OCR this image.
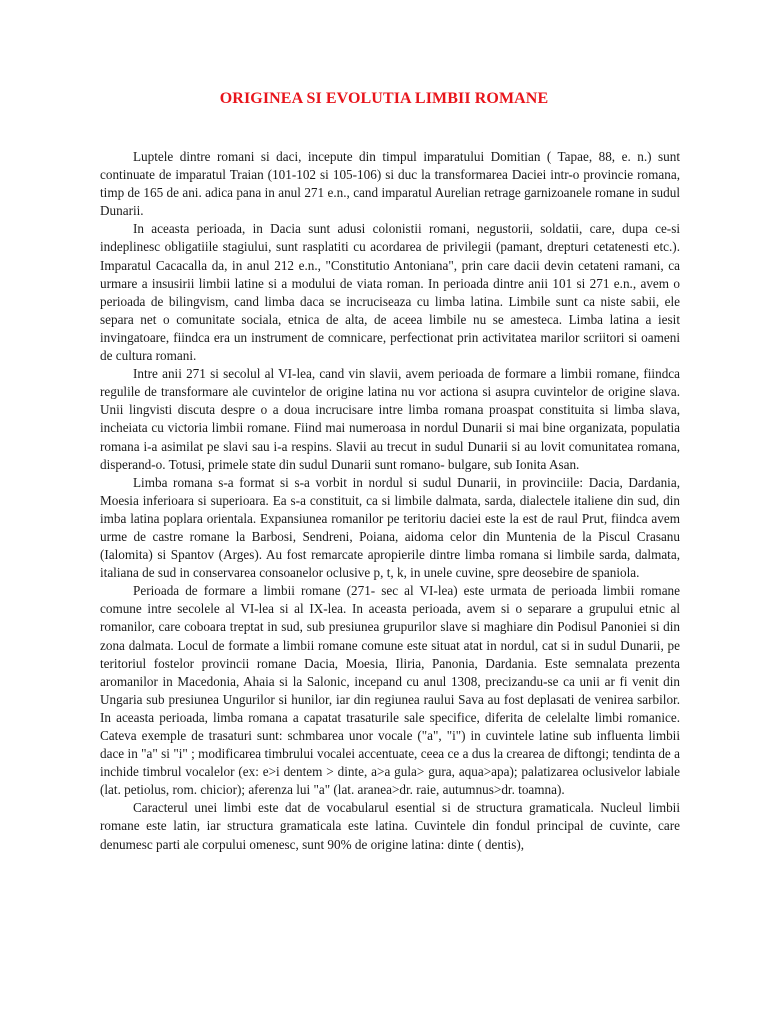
ORIGINEA SI EVOLUTIA LIMBII ROMANE

Luptele dintre romani si daci, incepute din timpul imparatului Domitian ( Tapae, 88, e. n.) sunt continuate de imparatul Traian (101-102 si 105-106) si duc la transformarea Daciei intr-o provincie romana, timp de 165 de ani. adica pana in anul 271 e.n., cand imparatul Aurelian retrage garnizoanele romane in sudul Dunarii.

In aceasta perioada, in Dacia sunt adusi colonistii romani, negustorii, soldatii, care, dupa ce-si indeplinesc obligatiile stagiului, sunt rasplatiti cu acordarea de privilegii (pamant, drepturi cetatenesti etc.). Imparatul Cacacalla da, in anul 212 e.n., "Constitutio Antoniana", prin care dacii devin cetateni ramani, ca urmare a insusirii limbii latine si a modului de viata roman. In perioada dintre anii 101 si 271 e.n., avem o perioada de bilingvism, cand limba daca se incruciseaza cu limba latina. Limbile sunt ca niste sabii, ele separa net o comunitate sociala, etnica de alta, de aceea limbile nu se amesteca. Limba latina a iesit invingatoare, fiindca era un instrument de comnicare, perfectionat prin activitatea marilor scriitori si oameni de cultura romani.

Intre anii 271 si secolul al VI-lea, cand vin slavii, avem perioada de formare a limbii romane, fiindca regulile de transformare ale cuvintelor de origine latina nu vor actiona si asupra cuvintelor de origine slava. Unii lingvisti discuta despre o a doua incrucisare intre limba romana proaspat constituita si limba slava, incheiata cu victoria limbii romane. Fiind mai numeroasa in nordul Dunarii si mai bine organizata, populatia romana i-a asimilat pe slavi sau i-a respins. Slavii au trecut in sudul Dunarii si au lovit comunitatea romana, disperand-o. Totusi, primele state din sudul Dunarii sunt romano- bulgare, sub Ionita Asan.

Limba romana s-a format si s-a vorbit in nordul si sudul Dunarii, in provinciile: Dacia, Dardania, Moesia inferioara si superioara. Ea s-a constituit, ca si limbile dalmata, sarda, dialectele italiene din sud, din imba latina poplara orientala. Expansiunea romanilor pe teritoriu daciei este la est de raul Prut, fiindca avem urme de castre romane la Barbosi, Sendreni, Poiana, aidoma celor din Muntenia de la Piscul Crasanu (Ialomita) si Spantov (Arges). Au fost remarcate apropierile dintre limba romana si limbile sarda, dalmata, italiana de sud in conservarea consoanelor oclusive p, t, k, in unele cuvine, spre deosebire de spaniola.

Perioada de formare a limbii romane (271- sec al VI-lea) este urmata de perioada limbii romane comune intre secolele al VI-lea si al IX-lea. In aceasta perioada, avem si o separare a grupului etnic al romanilor, care coboara treptat in sud, sub presiunea grupurilor slave si maghiare din Podisul Panoniei si din zona dalmata. Locul de formate a limbii romane comune este situat atat in nordul, cat si in sudul Dunarii, pe teritoriul fostelor provincii romane Dacia, Moesia, Iliria, Panonia, Dardania. Este semnalata prezenta aromanilor in Macedonia, Ahaia si la Salonic, incepand cu anul 1308, precizandu-se ca unii ar fi venit din Ungaria sub presiunea Ungurilor si hunilor, iar din regiunea raului Sava au fost deplasati de venirea sarbilor. In aceasta perioada, limba romana a capatat trasaturile sale specifice, diferita de celelalte limbi romanice. Cateva exemple de trasaturi sunt: schmbarea unor vocale ("a", "i") in cuvintele latine sub influenta limbii dace in "a" si "i" ; modificarea timbrului vocalei accentuate, ceea ce a dus la crearea de diftongi; tendinta de a inchide timbrul vocalelor (ex: e>i dentem > dinte, a>a gula> gura, aqua>apa); palatizarea oclusivelor labiale (lat. petiolus, rom. chicior); aferenza lui "a" (lat. aranea>dr. raie, autumnus>dr. toamna).

Caracterul unei limbi este dat de vocabularul esential si de structura gramaticala. Nucleul limbii romane este latin, iar structura gramaticala este latina. Cuvintele din fondul principal de cuvinte, care denumesc parti ale corpului omenesc, sunt 90% de origine latina: dinte ( dentis),
